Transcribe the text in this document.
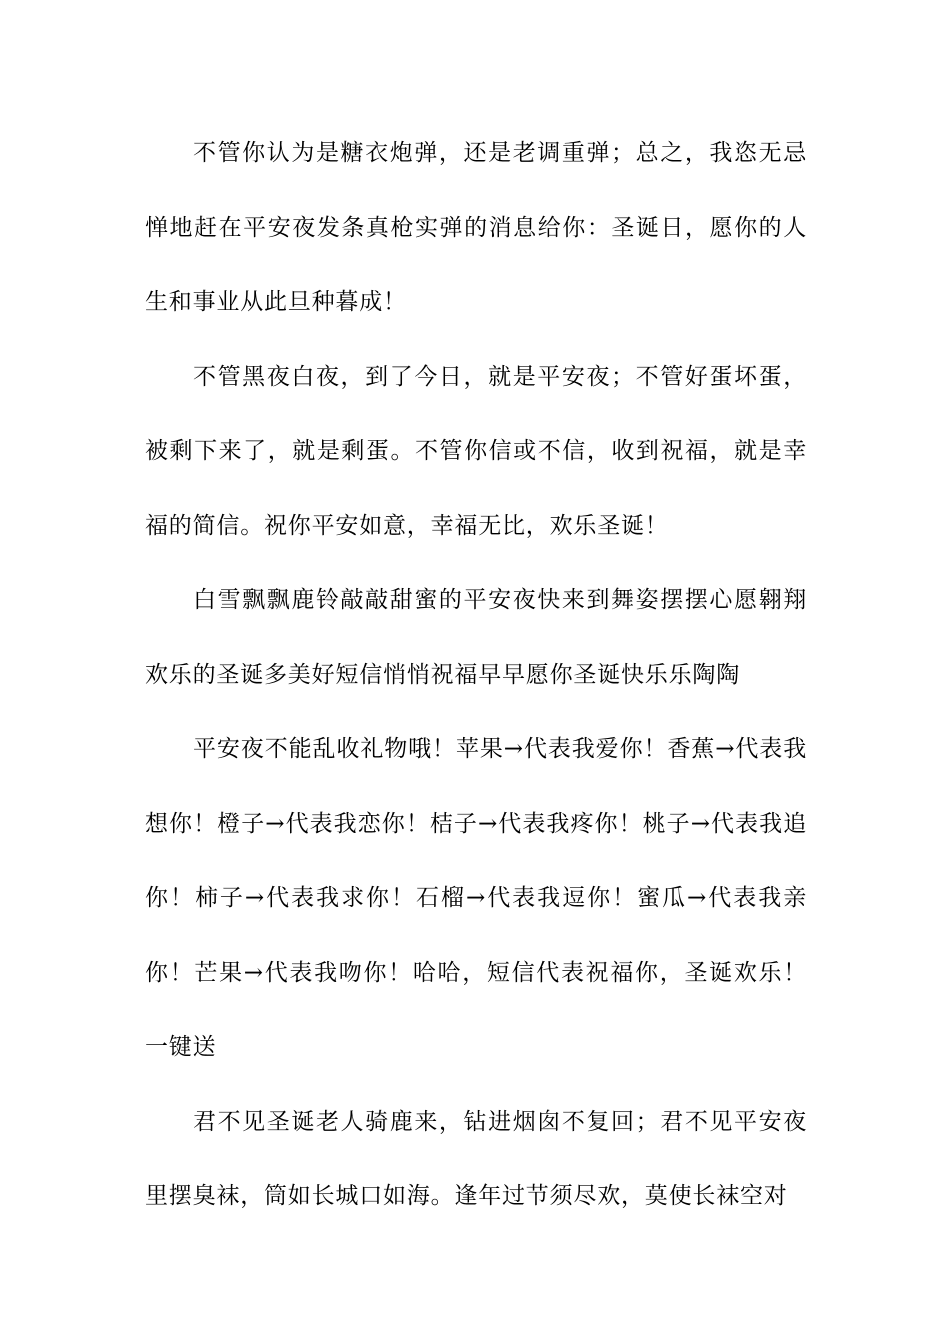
不管你认为是糖衣炮弹，还是老调重弹；总之，我恣无忌惮地赶在平安夜发条真枪实弹的消息给你：圣诞日，愿你的人生和事业从此旦种暮成！

不管黑夜白夜，到了今日，就是平安夜；不管好蛋坏蛋，被剩下来了，就是剩蛋。不管你信或不信，收到祝福，就是幸福的简信。祝你平安如意，幸福无比，欢乐圣诞！

白雪飘飘鹿铃敲敲甜蜜的平安夜快来到舞姿摆摆心愿翱翔欢乐的圣诞多美好短信悄悄祝福早早愿你圣诞快乐乐陶陶

平安夜不能乱收礼物哦！苹果→代表我爱你！香蕉→代表我想你！橙子→代表我恋你！桔子→代表我疼你！桃子→代表我追你！柿子→代表我求你！石榴→代表我逗你！蜜瓜→代表我亲你！芒果→代表我吻你！哈哈，短信代表祝福你，圣诞欢乐！一键送

君不见圣诞老人骑鹿来，钻进烟囱不复回；君不见平安夜里摆臭袜，筒如长城口如海。逢年过节须尽欢，莫使长袜空对
